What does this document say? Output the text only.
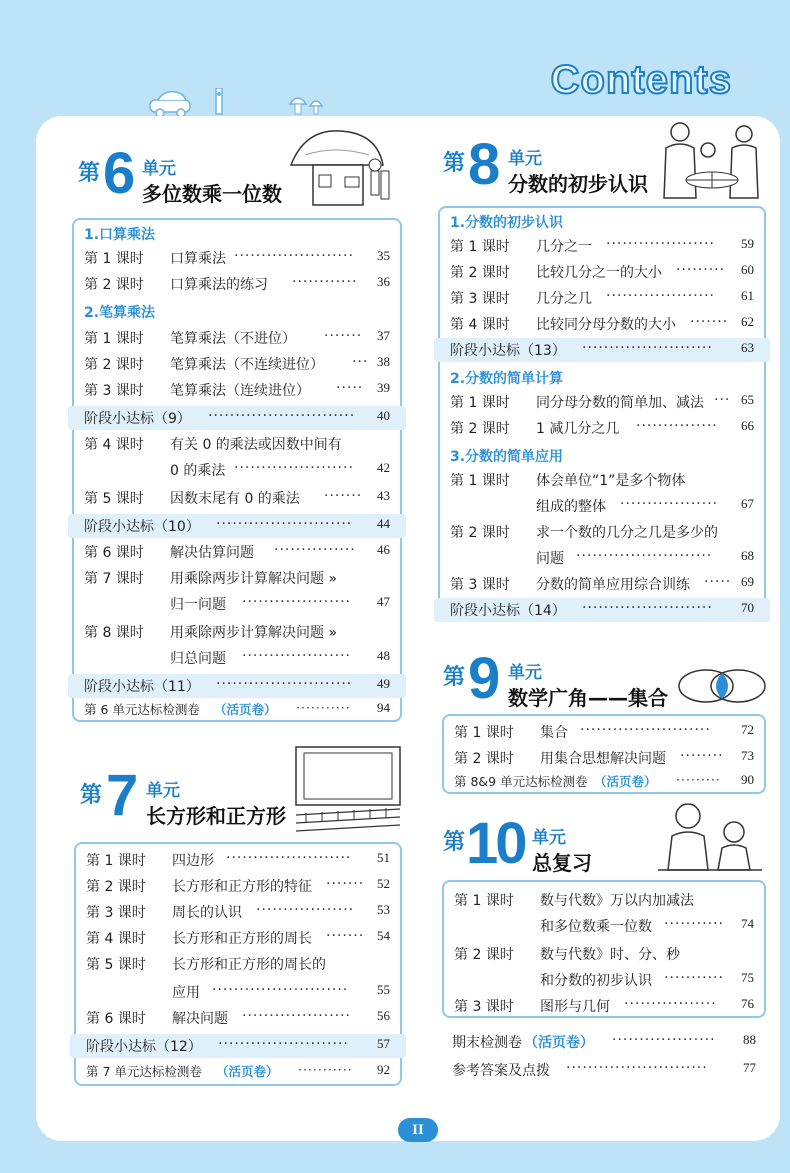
Contents
第 6 单元
多位数乘一位数
1.口算乘法
第 1 课时 口算乘法 ······················	35
第 2 课时 口算乘法的练习 ············	36
2.笔算乘法
第 1 课时 笔算乘法（不进位） ·······	37
第 2 课时 笔算乘法（不连续进位） ··· 38
第 3 课时 笔算乘法（连续进位） ·····	39
阶段小达标（9） ···························	40
第 4 课时 有关 0 的乘法或因数中间有
0 的乘法 ······················	42
第 5 课时 因数末尾有 0 的乘法 ·······	43
阶段小达标（10） ·························	44
第 6 课时 解决估算问题 ···············	46
第 7 课时 用乘除两步计算解决问题 »
归一问题 ····················	47
第 8 课时 用乘除两步计算解决问题 »
归总问题 ····················	48
阶段小达标（11） ·························	49
第 6 单元达标检测卷 （活页卷） ···········	94
第 7 单元
长方形和正方形
第 1 课时 四边形 ·······················	51
第 2 课时 长方形和正方形的特征 ······· 52
第 3 课时 周长的认识 ··················	53
第 4 课时 长方形和正方形的周长 ······· 54
第 5 课时 长方形和正方形的周长的
应用 ·························	55
第 6 课时 解决问题 ····················	56
阶段小达标（12） ························	57
第 7 单元达标检测卷 （活页卷） ···········	92
第 8 单元
分数的初步认识
1.分数的初步认识
第 1 课时 几分之一 ····················	59
第 2 课时 比较几分之一的大小 ·········	60
第 3 课时 几分之几 ····················	61
第 4 课时 比较同分母分数的大小 ······· 62
阶段小达标（13） ························	63
2.分数的简单计算
第 1 课时 同分母分数的简单加、减法 ··· 65
第 2 课时 1 减几分之几 ···············	66
3.分数的简单应用
第 1 课时 体会单位“1”是多个物体
组成的整体 ··················	67
第 2 课时 求一个数的几分之几是多少的
问题 ·························	68
第 3 课时 分数的简单应用综合训练 ····· 69
阶段小达标（14） ························	70
第 9 单元
数学广角——集合
第 1 课时 集合 ························	72
第 2 课时 用集合思想解决问题 ········	73
第 8&9 单元达标检测卷 （活页卷） ·········	90
第 10 单元
总复习
第 1 课时 数与代数》万以内加减法
和多位数乘一位数 ···········	74
第 2 课时 数与代数》时、分、秒
和分数的初步认识 ···········	75
第 3 课时 图形与几何 ·················	76
期末检测卷 （活页卷） ···················	88
参考答案及点拨 ··························	77
II
